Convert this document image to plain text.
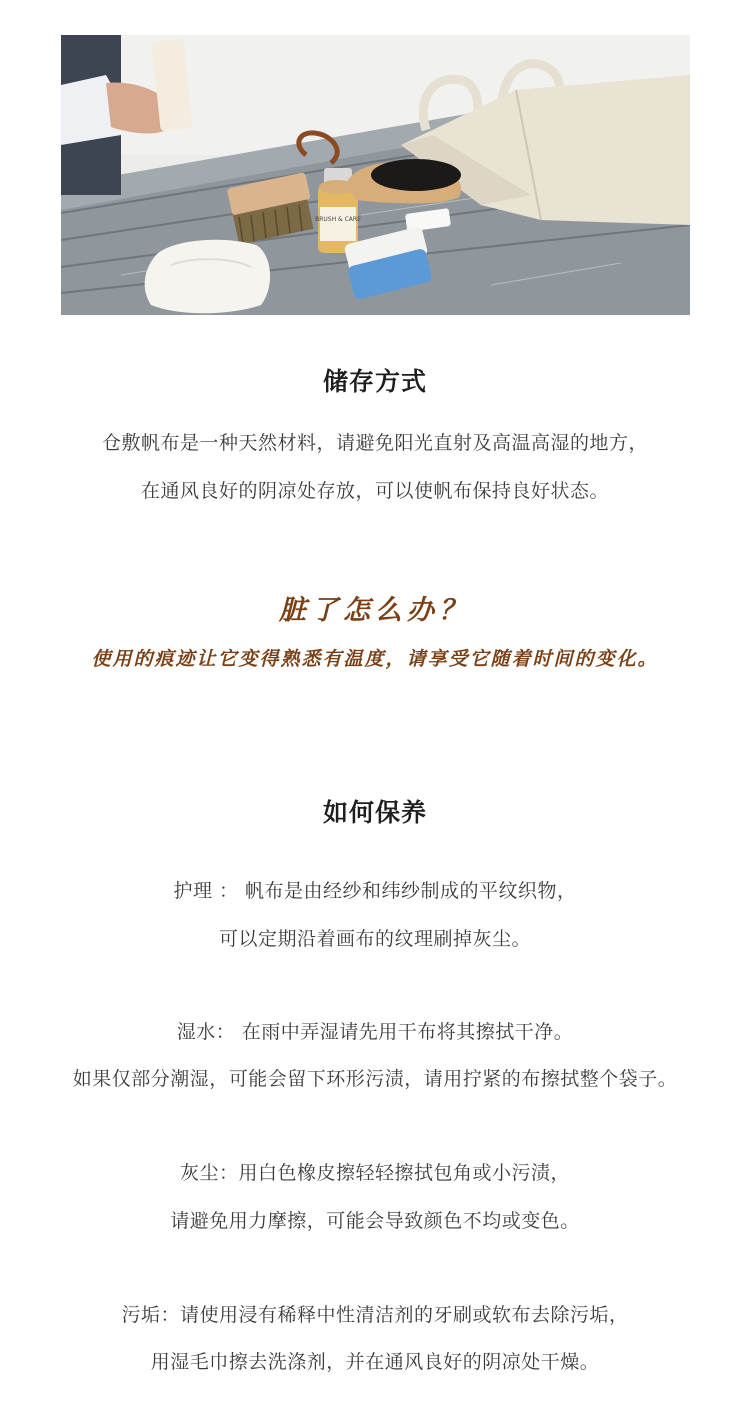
BRUSH & CARE
储存方式
仓敷帆布是一种天然材料，请避免阳光直射及高温高湿的地方，
在通风良好的阴凉处存放，可以使帆布保持良好状态。
脏了怎么办？
使用的痕迹让它变得熟悉有温度，请享受它随着时间的变化。
如何保养
护理 ： 帆布是由经纱和纬纱制成的平纹织物，
可以定期沿着画布的纹理刷掉灰尘。
湿水： 在雨中弄湿请先用干布将其擦拭干净。
如果仅部分潮湿，可能会留下环形污渍，请用拧紧的布擦拭整个袋子。
灰尘：用白色橡皮擦轻轻擦拭包角或小污渍，
请避免用力摩擦，可能会导致颜色不均或变色。
污垢：请使用浸有稀释中性清洁剂的牙刷或软布去除污垢，
用湿毛巾擦去洗涤剂，并在通风良好的阴凉处干燥。
